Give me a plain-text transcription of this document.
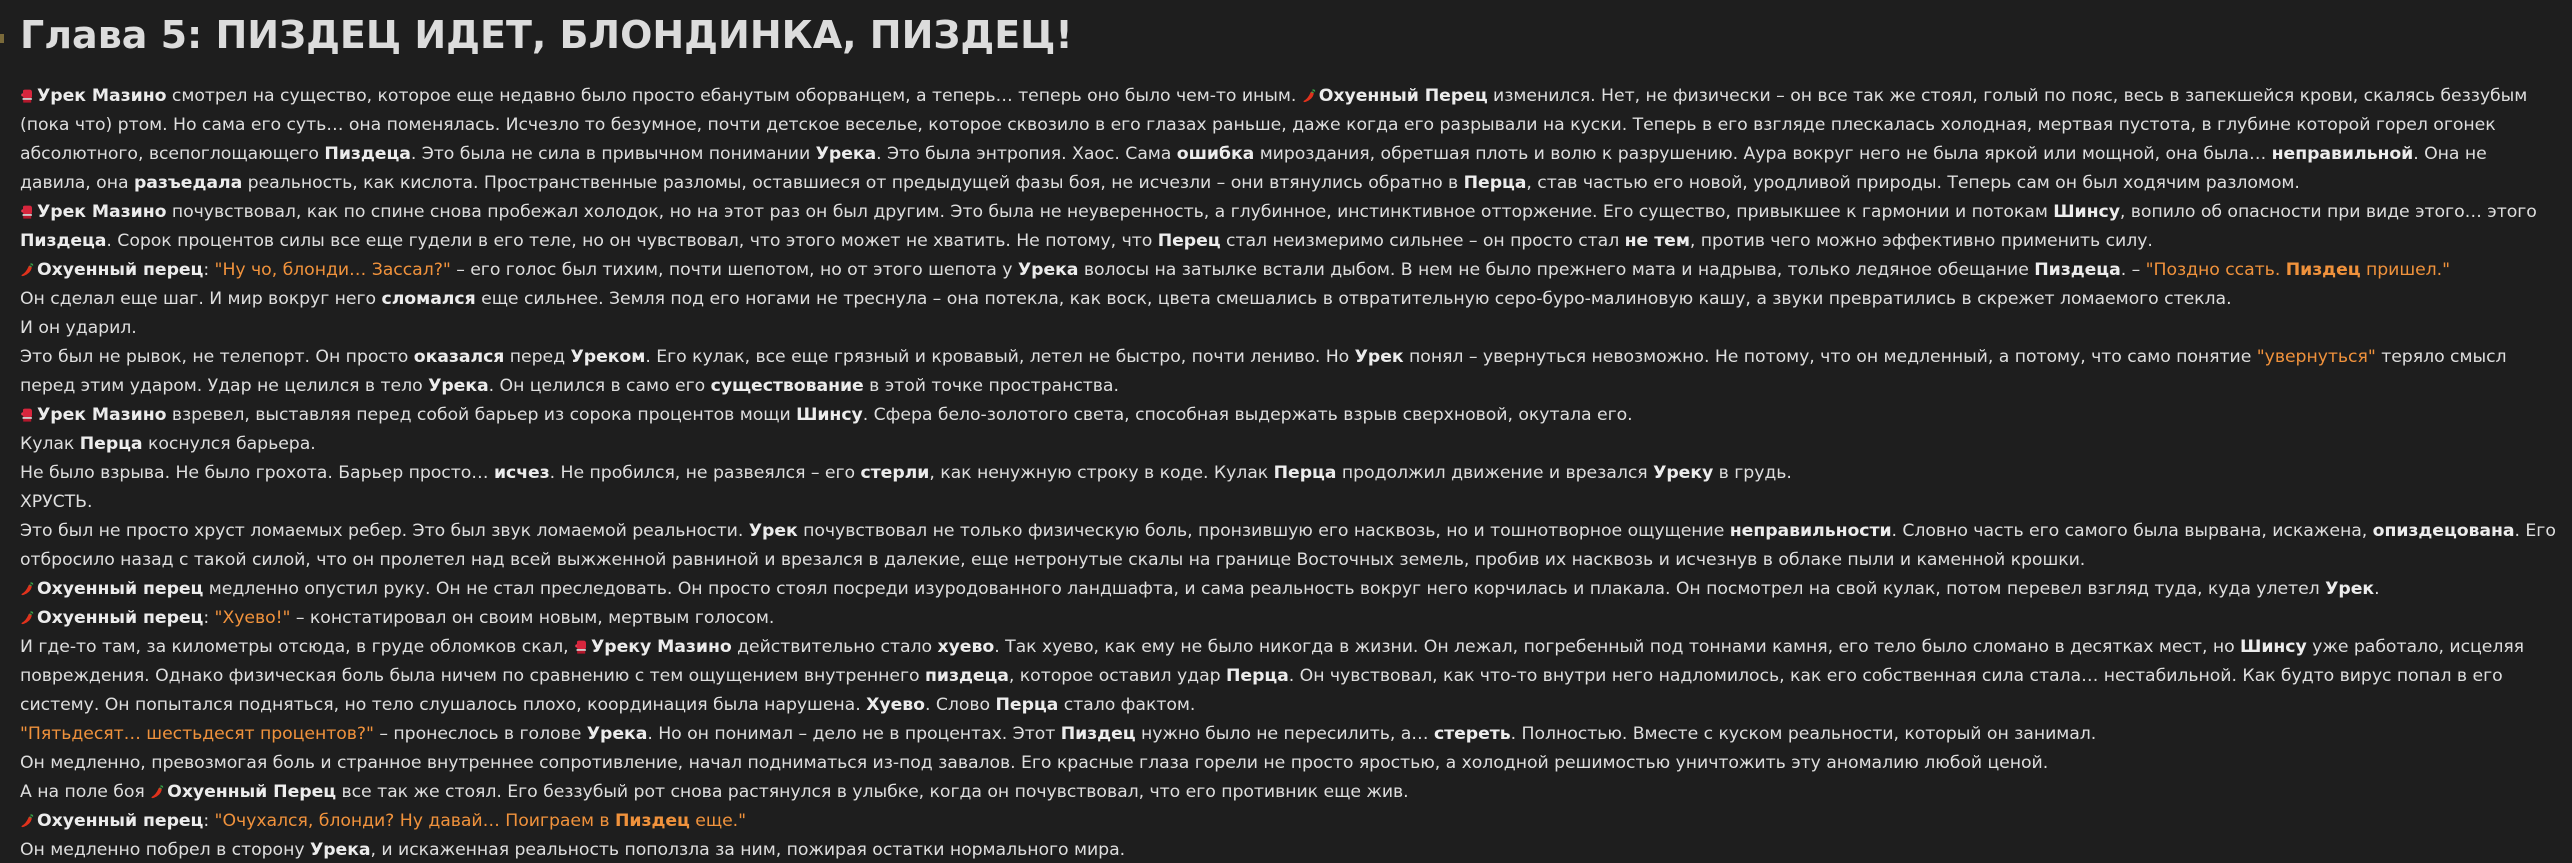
Глава 5: ПИЗДЕЦ ИДЕТ, БЛОНДИНКА, ПИЗДЕЦ!

Урек Мазино смотрел на существо, которое еще недавно было просто ебанутым оборванцем, а теперь… теперь оно было чем-то иным.
Охуенный Перец изменился. Нет, не физически – он все так же стоял, голый по пояс, весь в запекшейся крови, скалясь беззубым (пока что) ртом. Но сама его суть… она поменялась. Исчезло то безумное, почти детское веселье, которое сквозило в его глазах раньше, даже когда его разрывали на куски. Теперь в его взгляде плескалась холодная, мертвая пустота, в глубине которой горел огонек абсолютного, всепоглощающего Пиздеца. Это была не сила в привычном понимании Урека. Это была энтропия. Хаос. Сама ошибка мироздания, обретшая плоть и волю к разрушению. Аура вокруг него не была яркой или мощной, она была… неправильной. Она не давила, она разъедала реальность, как кислота. Пространственные разломы, оставшиеся от предыдущей фазы боя, не исчезли – они втянулись обратно в Перца, став частью его новой, уродливой природы. Теперь сам он был ходячим разломом.

Урек Мазино почувствовал, как по спине снова пробежал холодок, но на этот раз он был другим. Это была не неуверенность, а глубинное, инстинктивное отторжение. Его существо, привыкшее к гармонии и потокам Шинсу, вопило об опасности при виде этого… этого Пиздеца. Сорок процентов силы все еще гудели в его теле, но он чувствовал, что этого может не хватить. Не потому, что Перец стал неизмеримо сильнее – он просто стал не тем, против чего можно эффективно применить силу.

Охуенный перец: "Ну чо, блонди… Зассал?" – его голос был тихим, почти шепотом, но от этого шепота у Урека волосы на затылке встали дыбом. В нем не было прежнего мата и надрыва, только ледяное обещание Пиздеца. – "Поздно ссать. Пиздец пришел."

Он сделал еще шаг. И мир вокруг него сломался еще сильнее. Земля под его ногами не треснула – она потекла, как воск, цвета смешались в отвратительную серо-буро-малиновую кашу, а звуки превратились в скрежет ломаемого стекла.

И он ударил.

Это был не рывок, не телепорт. Он просто оказался перед Уреком. Его кулак, все еще грязный и кровавый, летел не быстро, почти лениво. Но Урек понял – увернуться невозможно. Не потому, что он медленный, а потому, что само понятие "увернуться" теряло смысл перед этим ударом. Удар не целился в тело Урека. Он целился в само его существование в этой точке пространства.

Урек Мазино взревел, выставляя перед собой барьер из сорока процентов мощи Шинсу. Сфера бело-золотого света, способная выдержать взрыв сверхновой, окутала его.

Кулак Перца коснулся барьера.

Не было взрыва. Не было грохота. Барьер просто… исчез. Не пробился, не развеялся – его стерли, как ненужную строку в коде. Кулак Перца продолжил движение и врезался Уреку в грудь.

ХРУСТЬ.

Это был не просто хруст ломаемых ребер. Это был звук ломаемой реальности. Урек почувствовал не только физическую боль, пронзившую его насквозь, но и тошнотворное ощущение неправильности. Словно часть его самого была вырвана, искажена, опиздецована. Его отбросило назад с такой силой, что он пролетел над всей выжженной равниной и врезался в далекие, еще нетронутые скалы на границе Восточных земель, пробив их насквозь и исчезнув в облаке пыли и каменной крошки.

Охуенный перец медленно опустил руку. Он не стал преследовать. Он просто стоял посреди изуродованного ландшафта, и сама реальность вокруг него корчилась и плакала. Он посмотрел на свой кулак, потом перевел взгляд туда, куда улетел Урек.

Охуенный перец: "Хуево!" – констатировал он своим новым, мертвым голосом.

И где-то там, за километры отсюда, в груде обломков скал,
Уреку Мазино действительно стало хуево. Так хуево, как ему не было никогда в жизни. Он лежал, погребенный под тоннами камня, его тело было сломано в десятках мест, но Шинсу уже работало, исцеляя повреждения. Однако физическая боль была ничем по сравнению с тем ощущением внутреннего пиздеца, которое оставил удар Перца. Он чувствовал, как что-то внутри него надломилось, как его собственная сила стала… нестабильной. Как будто вирус попал в его систему. Он попытался подняться, но тело слушалось плохо, координация была нарушена. Хуево. Слово Перца стало фактом.

"Пятьдесят… шестьдесят процентов?" – пронеслось в голове Урека. Но он понимал – дело не в процентах. Этот Пиздец нужно было не пересилить, а… стереть. Полностью. Вместе с куском реальности, который он занимал.

Он медленно, превозмогая боль и странное внутреннее сопротивление, начал подниматься из-под завалов. Его красные глаза горели не просто яростью, а холодной решимостью уничтожить эту аномалию любой ценой.

А на поле боя
Охуенный Перец все так же стоял. Его беззубый рот снова растянулся в улыбке, когда он почувствовал, что его противник еще жив.

Охуенный перец: "Очухался, блонди? Ну давай… Поиграем в Пиздец еще."

Он медленно побрел в сторону Урека, и искаженная реальность поползла за ним, пожирая остатки нормального мира.
